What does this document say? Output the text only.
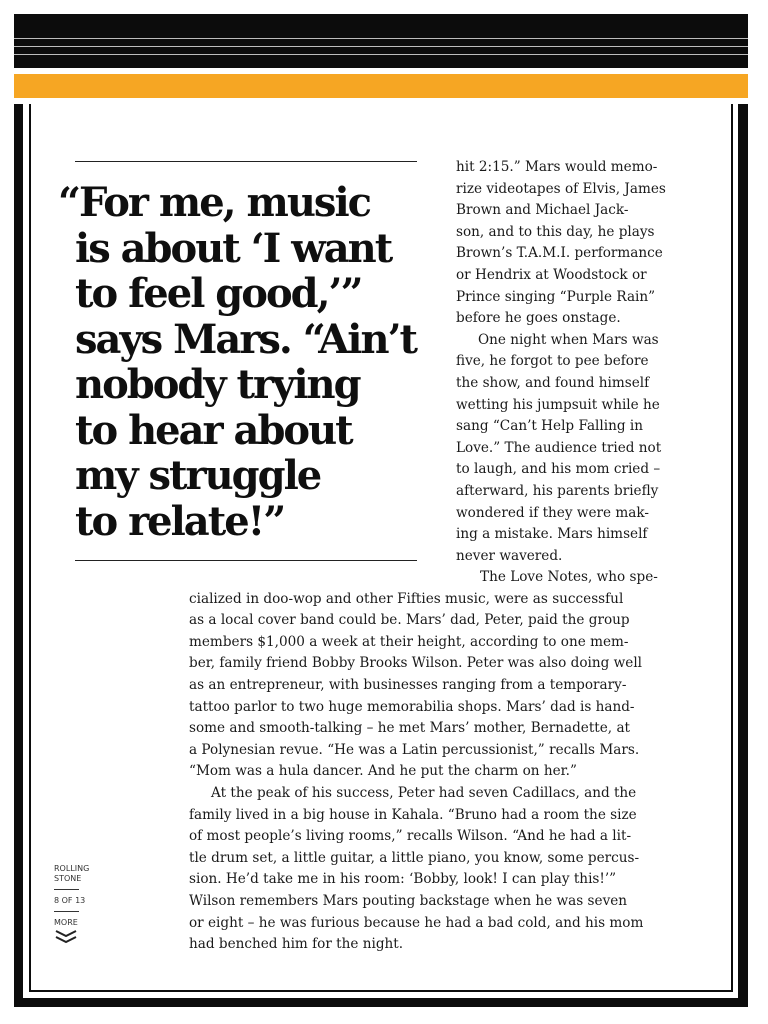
“For me, music
is about ‘I want
to feel good,’”
says Mars. “Ain’t
nobody trying
to hear about
my struggle
to relate!”
hit 2:15.” Mars would memo-
rize videotapes of Elvis, James
Brown and Michael Jack-
son, and to this day, he plays
Brown’s T.A.M.I. performance
or Hendrix at Woodstock or
Prince singing “Purple Rain”
before he goes onstage.
One night when Mars was
five, he forgot to pee before
the show, and found himself
wetting his jumpsuit while he
sang “Can’t Help Falling in
Love.” The audience tried not
to laugh, and his mom cried –
afterward, his parents briefly
wondered if they were mak-
ing a mistake. Mars himself
never wavered.
The Love Notes, who spe-
cialized in doo-wop and other Fifties music, were as successful
as a local cover band could be. Mars’ dad, Peter, paid the group
members $1,000 a week at their height, according to one mem-
ber, family friend Bobby Brooks Wilson. Peter was also doing well
as an entrepreneur, with businesses ranging from a temporary-
tattoo parlor to two huge memorabilia shops. Mars’ dad is hand-
some and smooth-talking – he met Mars’ mother, Bernadette, at
a Polynesian revue. “He was a Latin percussionist,” recalls Mars.
“Mom was a hula dancer. And he put the charm on her.”
At the peak of his success, Peter had seven Cadillacs, and the
family lived in a big house in Kahala. “Bruno had a room the size
of most people’s living rooms,” recalls Wilson. “And he had a lit-
tle drum set, a little guitar, a little piano, you know, some percus-
sion. He’d take me in his room: ‘Bobby, look! I can play this!’”
Wilson remembers Mars pouting backstage when he was seven
or eight – he was furious because he had a bad cold, and his mom
had benched him for the night.
ROLLING STONE
8 OF 13
MORE
